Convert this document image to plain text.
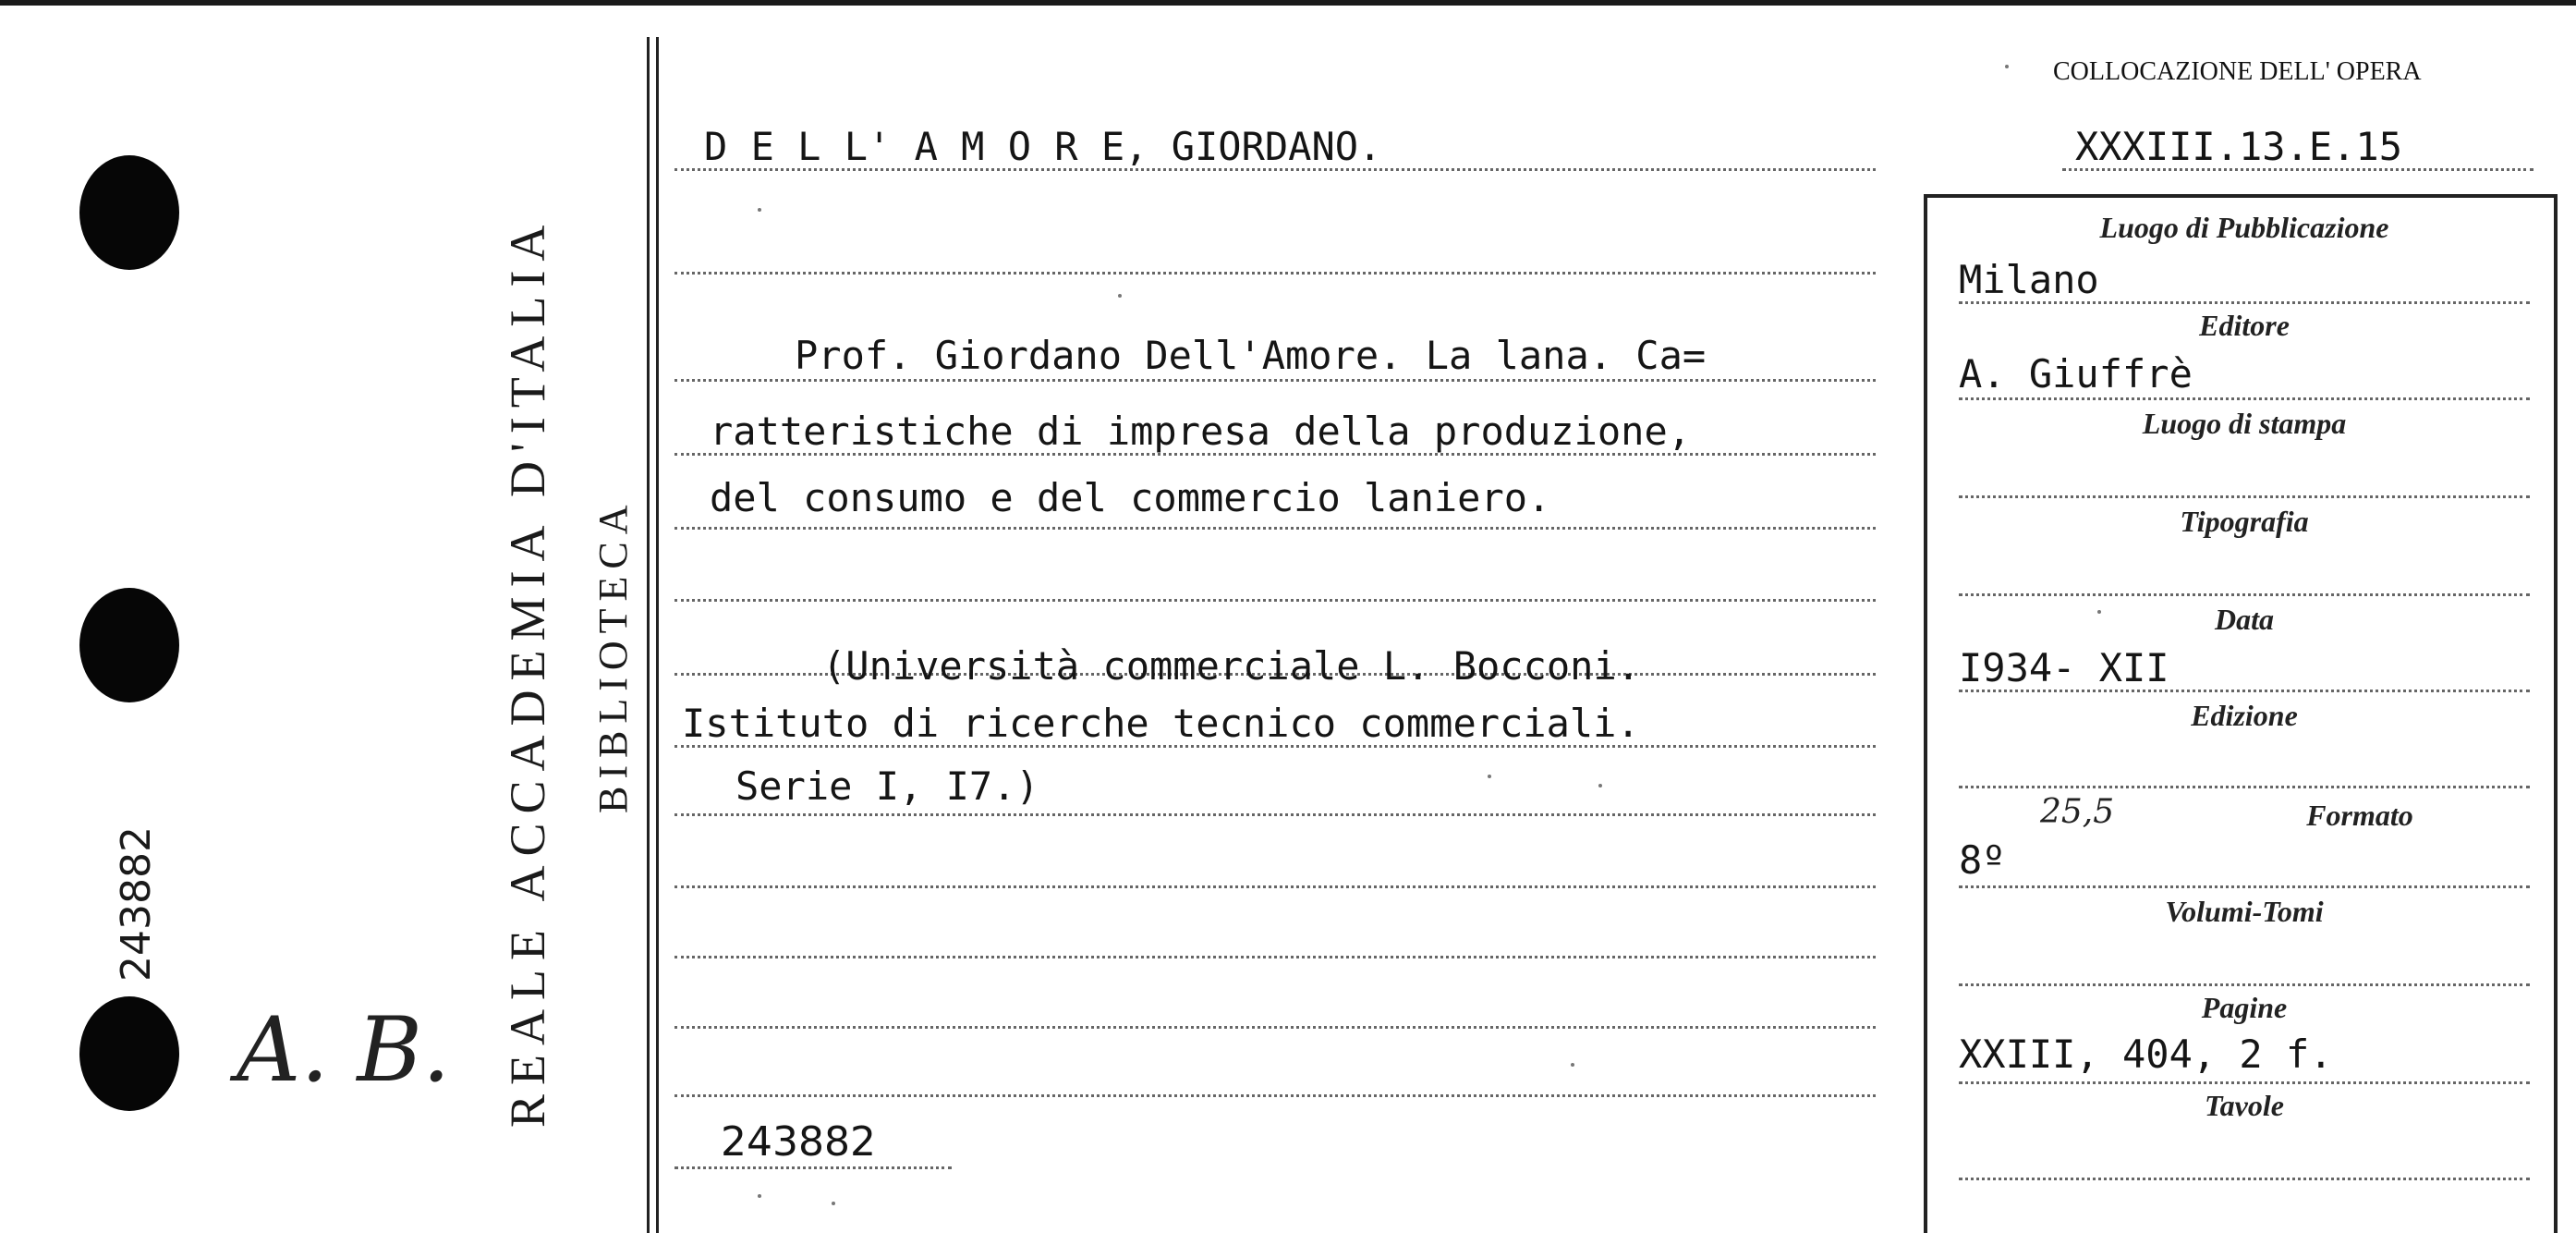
243882
A. B. REALE ACCADEMIA D'ITALIA BIBLIOTECA
COLLOCAZIONE DELL' OPERA
XXXIII.13.E.15
D E L L' A M O R E, GIORDANO.
Prof. Giordano Dell'Amore. La lana. Ca=
ratteristiche di impresa della produzione,
del consumo e del commercio laniero.
(Università commerciale L. Bocconi.
Istituto di ricerche tecnico commerciali.
Serie I, I7.)
243882
Luogo di Pubblicazione
Milano
Editore
A. Giuffrè
Luogo di stampa
Tipografia
Data
I934- XII
Edizione
25,5	Formato
8º
Volumi-Tomi
Pagine
XXIII, 404, 2 f.
Tavole
